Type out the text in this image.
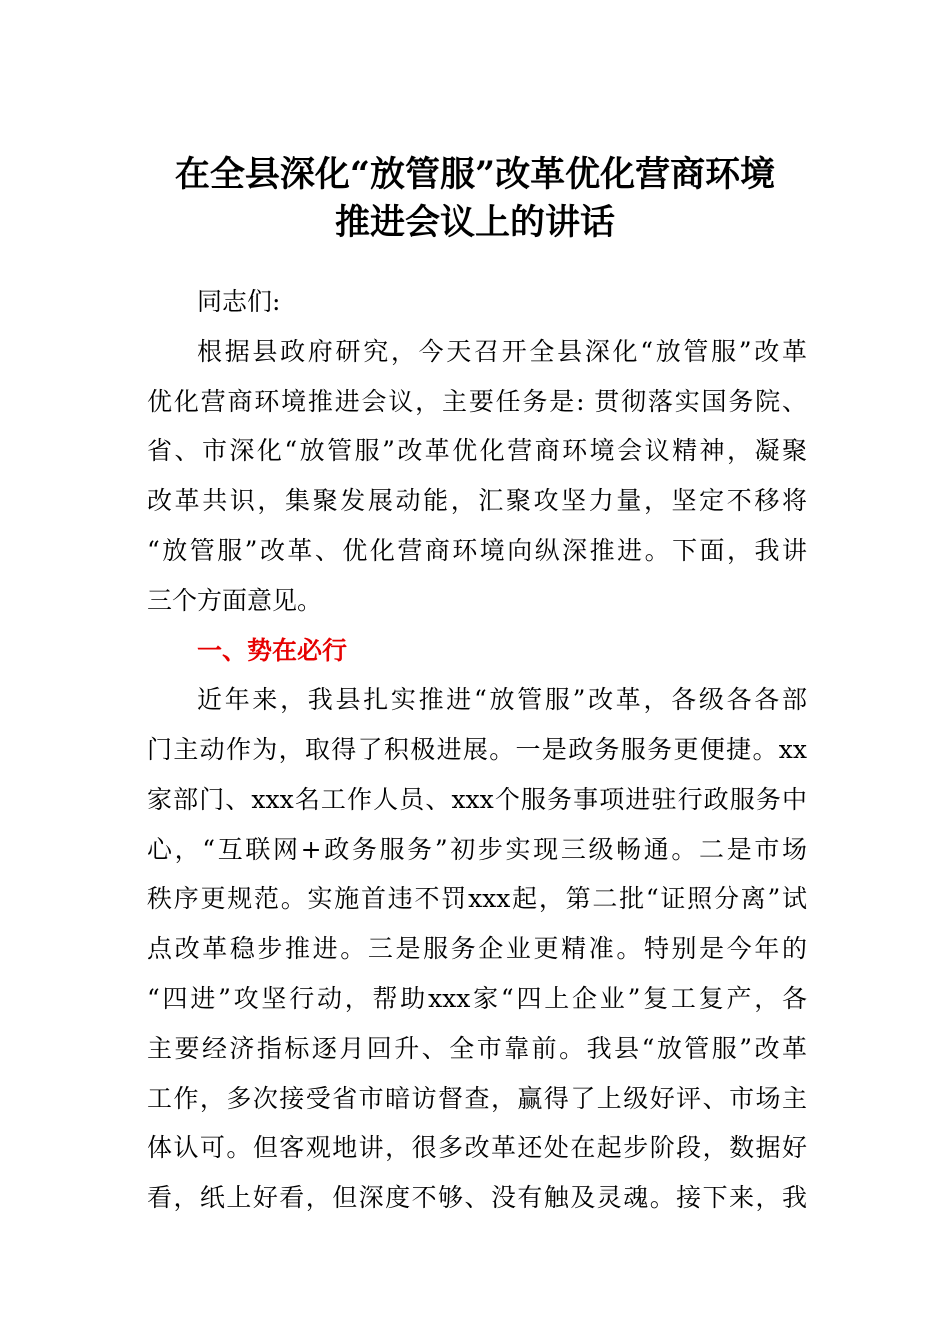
在全县深化“放管服”改革优化营商环境
推进会议上的讲话
同志们:
根据县政府研究，今天召开全县深化“放管服”改革
优化营商环境推进会议，主要任务是: 贯彻落实国务院、
省、市深化“放管服”改革优化营商环境会议精神，凝聚
改革共识，集聚发展动能，汇聚攻坚力量，坚定不移将
“放管服”改革、优化营商环境向纵深推进。下面，我讲
三个方面意见。
一、势在必行
近年来，我县扎实推进“放管服”改革，各级各各部
门主动作为，取得了积极进展。一是政务服务更便捷。xx
家部门、xxx名工作人员、xxx个服务事项进驻行政服务中
心，“互联网+政务服务”初步实现三级畅通。二是市场
秩序更规范。实施首违不罚xxx起，第二批“证照分离”试
点改革稳步推进。三是服务企业更精准。特别是今年的
“四进”攻坚行动，帮助xxx家“四上企业”复工复产，各
主要经济指标逐月回升、全市靠前。我县“放管服”改革
工作，多次接受省市暗访督查，赢得了上级好评、市场主
体认可。但客观地讲，很多改革还处在起步阶段，数据好
看，纸上好看，但深度不够、没有触及灵魂。接下来，我
